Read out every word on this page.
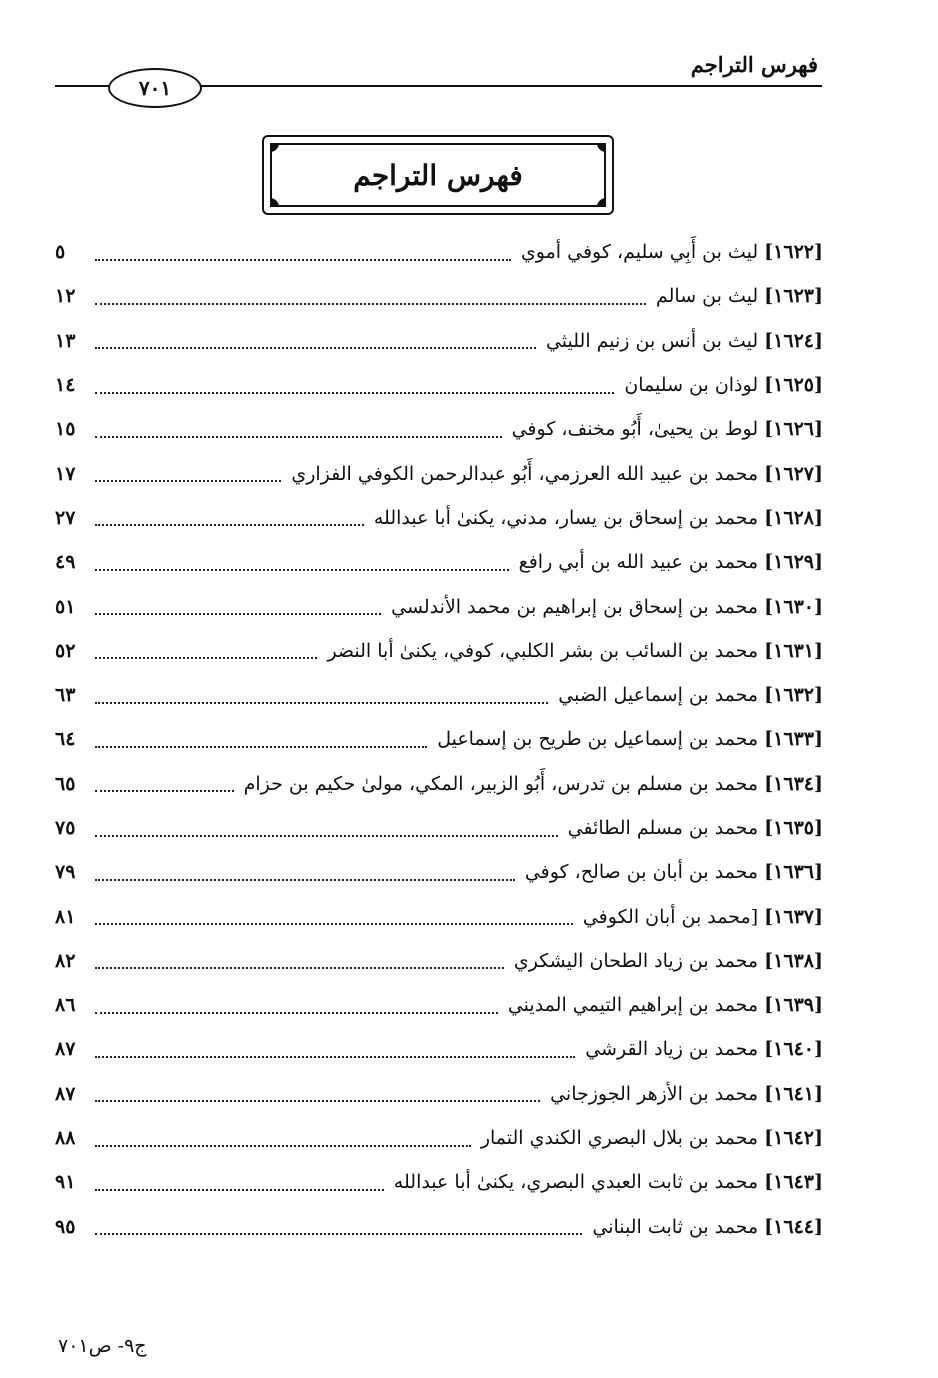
فهرس التراجم
٧٠١
فهرس التراجم
[١٦٢٢] ليث بن أَبِي سليم، كوفي أموي
٥
[١٦٢٣] ليث بن سالم
١٢
[١٦٢٤] ليث بن أنس بن زنيم الليثي
١٣
[١٦٢٥] لوذان بن سليمان
١٤
[١٦٢٦] لوط بن يحيىٰ، أَبُو مخنف، كوفي
١٥
[١٦٢٧] محمد بن عبيد الله العرزمي، أَبُو عبدالرحمن الكوفي الفزاري
١٧
[١٦٢٨] محمد بن إسحاق بن يسار، مدني، يكنىٰ أبا عبدالله
٢٧
[١٦٢٩] محمد بن عبيد الله بن أبي رافع
٤٩
[١٦٣٠] محمد بن إسحاق بن إبراهيم بن محمد الأندلسي
٥١
[١٦٣١] محمد بن السائب بن بشر الكلبي، كوفي، يكنىٰ أبا النضر
٥٢
[١٦٣٢] محمد بن إسماعيل الضبي
٦٣
[١٦٣٣] محمد بن إسماعيل بن طريح بن إسماعيل
٦٤
[١٦٣٤] محمد بن مسلم بن تدرس، أَبُو الزبير، المكي، مولىٰ حكيم بن حزام
٦٥
[١٦٣٥] محمد بن مسلم الطائفي
٧٥
[١٦٣٦] محمد بن أبان بن صالح، كوفي
٧٩
[١٦٣٧] [محمد بن أبان الكوفي
٨١
[١٦٣٨] محمد بن زياد الطحان اليشكري
٨٢
[١٦٣٩] محمد بن إبراهيم التيمي المديني
٨٦
[١٦٤٠] محمد بن زياد القرشي
٨٧
[١٦٤١] محمد بن الأزهر الجوزجاني
٨٧
[١٦٤٢] محمد بن بلال البصري الكندي التمار
٨٨
[١٦٤٣] محمد بن ثابت العبدي البصري، يكنىٰ أبا عبدالله
٩١
[١٦٤٤] محمد بن ثابت البناني
٩٥
ج٩- ص٧٠١
